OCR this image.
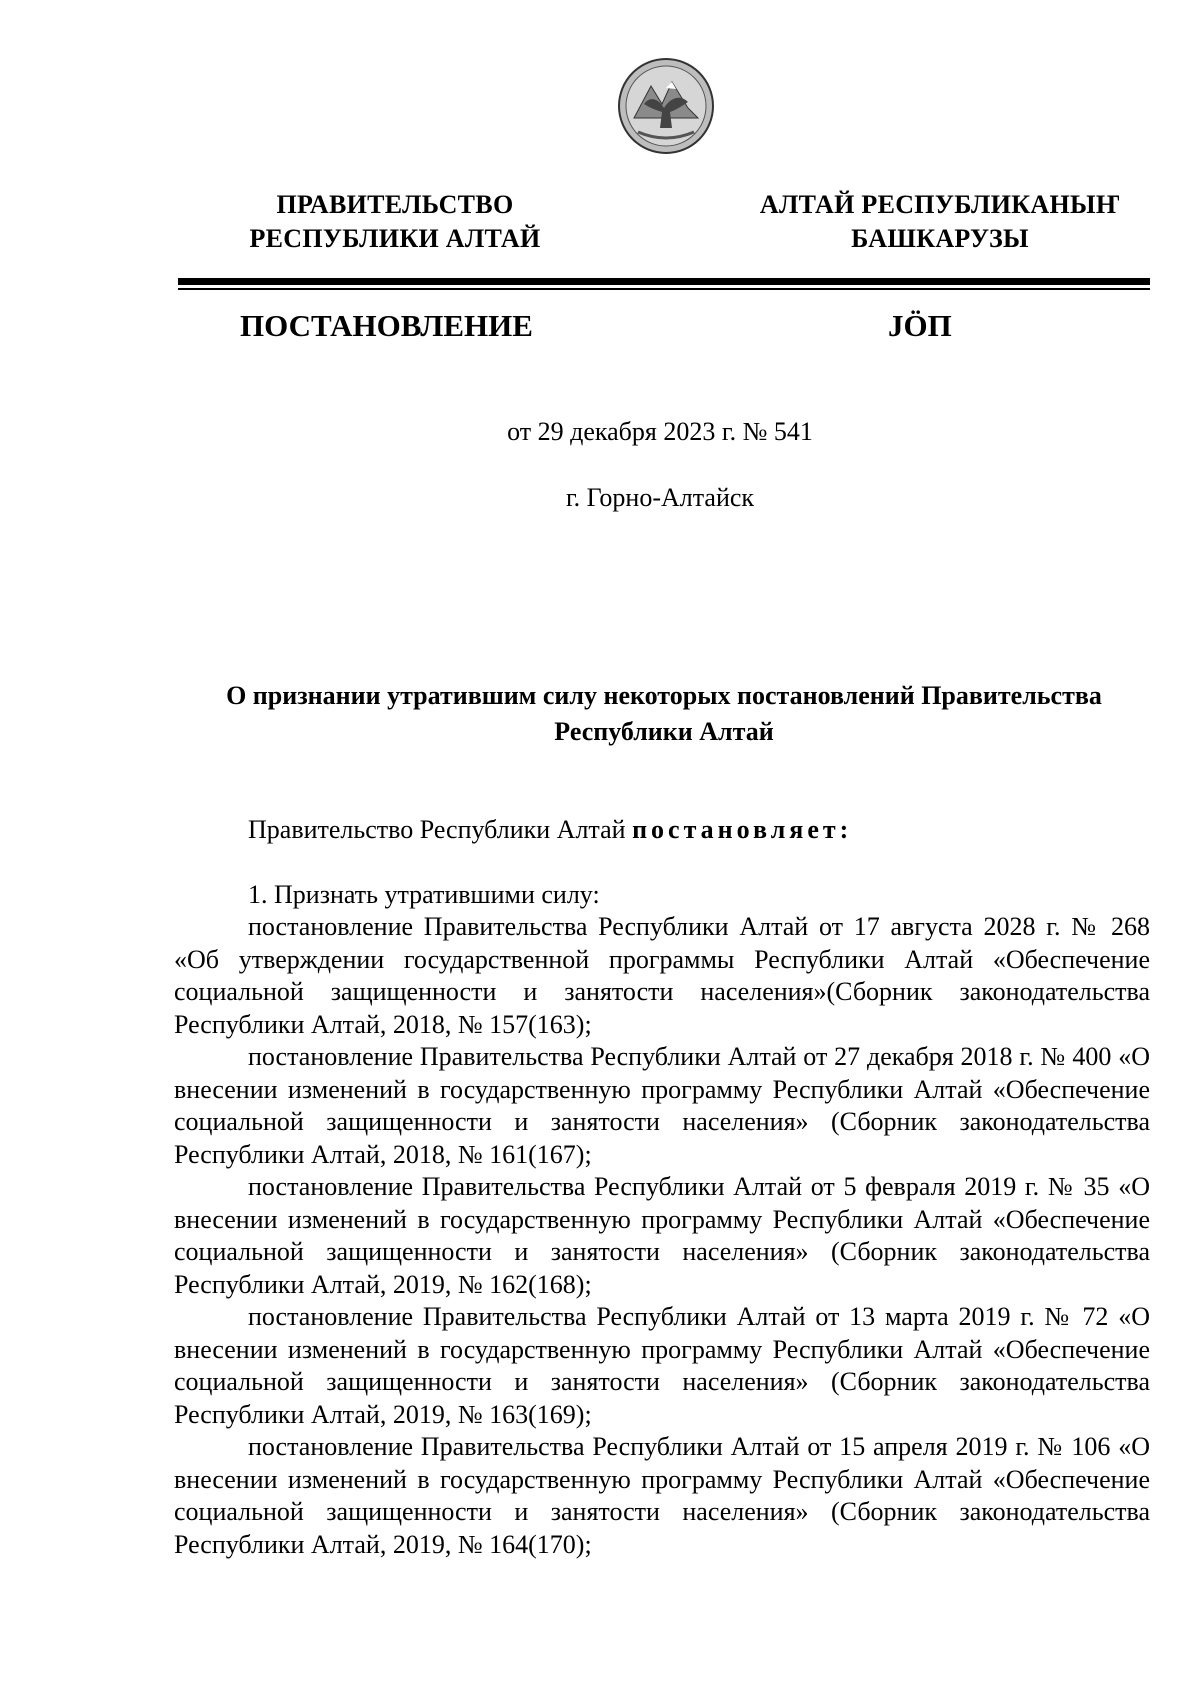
ПРАВИТЕЛЬСТВО
РЕСПУБЛИКИ АЛТАЙ
АЛТАЙ РЕСПУБЛИКАНЫҤ
БАШКАРУЗЫ
ПОСТАНОВЛЕНИЕ	JÖП
от 29 декабря 2023 г. № 541
г. Горно-Алтайск
О признании утратившим силу некоторых постановлений Правительства Республики Алтай

Правительство Республики Алтай постановляет:

1. Признать утратившими силу:

постановление Правительства Республики Алтай от 17 августа 2028 г. № 268 «Об утверждении государственной программы Республики Алтай «Обеспечение социальной защищенности и занятости населения»(Сборник законодательства Республики Алтай, 2018, № 157(163);

постановление Правительства Республики Алтай от 27 декабря 2018 г. № 400 «О внесении изменений в государственную программу Республики Алтай «Обеспечение социальной защищенности и занятости населения» (Сборник законодательства Республики Алтай, 2018, № 161(167);

постановление Правительства Республики Алтай от 5 февраля 2019 г. № 35 «О внесении изменений в государственную программу Республики Алтай «Обеспечение социальной защищенности и занятости населения» (Сборник законодательства Республики Алтай, 2019, № 162(168);

постановление Правительства Республики Алтай от 13 марта 2019 г. № 72 «О внесении изменений в государственную программу Республики Алтай «Обеспечение социальной защищенности и занятости населения» (Сборник законодательства Республики Алтай, 2019, № 163(169);

постановление Правительства Республики Алтай от 15 апреля 2019 г. № 106 «О внесении изменений в государственную программу Республики Алтай «Обеспечение социальной защищенности и занятости населения» (Сборник законодательства Республики Алтай, 2019, № 164(170);
